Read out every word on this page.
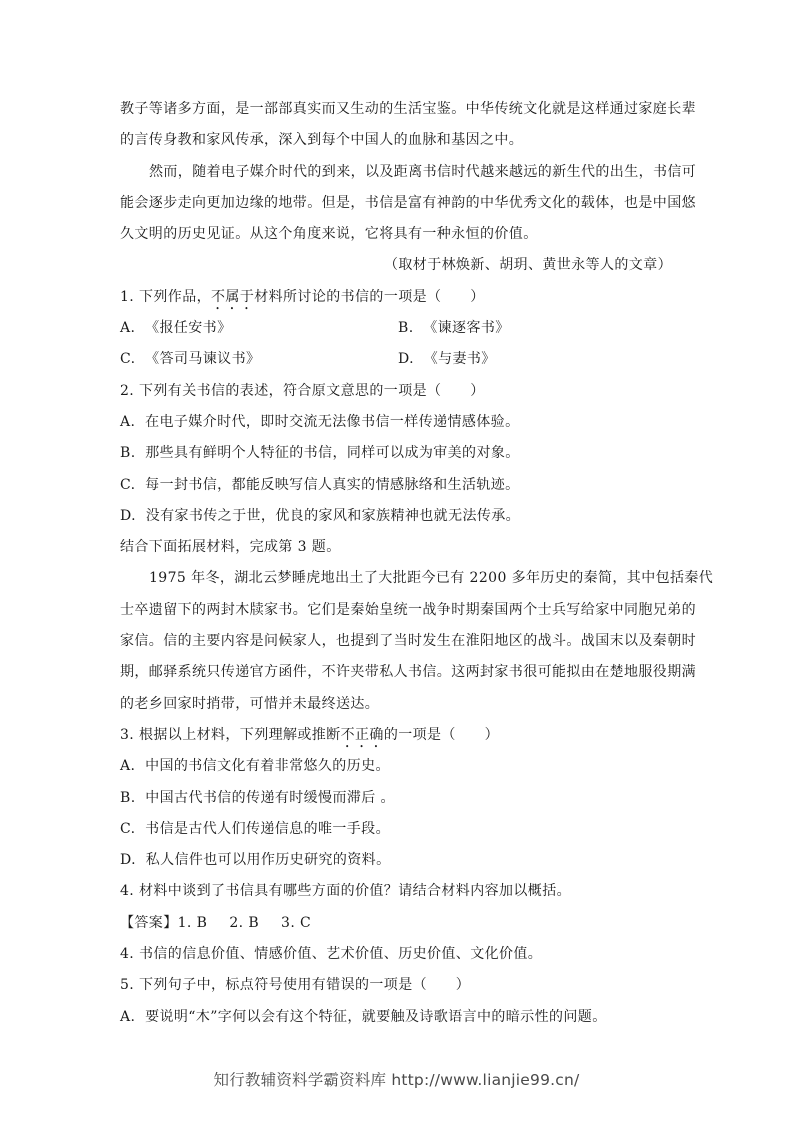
教子等诸多方面，是一部部真实而又生动的生活宝鉴。中华传统文化就是这样通过家庭长辈
的言传身教和家风传承，深入到每个中国人的血脉和基因之中。
然而，随着电子媒介时代的到来，以及距离书信时代越来越远的新生代的出生，书信可
能会逐步走向更加边缘的地带。但是，书信是富有神韵的中华优秀文化的载体，也是中国悠
久文明的历史见证。从这个角度来说，它将具有一种永恒的价值。
（取材于林焕新、胡玥、黄世永等人的文章）
1. 下列作品，不属于材料所讨论的书信的一项是（　　）
A. 《报任安书》	B. 《谏逐客书》
C. 《答司马谏议书》	D. 《与妻书》
2. 下列有关书信的表述，符合原文意思的一项是（　　）
A. 在电子媒介时代，即时交流无法像书信一样传递情感体验。
B. 那些具有鲜明个人特征的书信，同样可以成为审美的对象。
C. 每一封书信，都能反映写信人真实的情感脉络和生活轨迹。
D. 没有家书传之于世，优良的家风和家族精神也就无法传承。
结合下面拓展材料，完成第 3 题。
1975 年冬，湖北云梦睡虎地出土了大批距今已有 2200 多年历史的秦简，其中包括秦代
士卒遗留下的两封木牍家书。它们是秦始皇统一战争时期秦国两个士兵写给家中同胞兄弟的
家信。信的主要内容是问候家人，也提到了当时发生在淮阳地区的战斗。战国末以及秦朝时
期，邮驿系统只传递官方函件，不许夹带私人书信。这两封家书很可能拟由在楚地服役期满
的老乡回家时捎带，可惜并未最终送达。
3. 根据以上材料，下列理解或推断不正确的一项是（　　）
A. 中国的书信文化有着非常悠久的历史。
B. 中国古代书信的传递有时缓慢而滞后 。
C. 书信是古代人们传递信息的唯一手段。
D. 私人信件也可以用作历史研究的资料。
4. 材料中谈到了书信具有哪些方面的价值？请结合材料内容加以概括。
【答案】1. B 2. B 3. C
4. 书信的信息价值、情感价值、艺术价值、历史价值、文化价值。
5. 下列句子中，标点符号使用有错误的一项是（　　）
A. 要说明“木”字何以会有这个特征，就要触及诗歌语言中的暗示性的问题。
知行教辅资料学霸资料库 http://www.lianjie99.cn/
